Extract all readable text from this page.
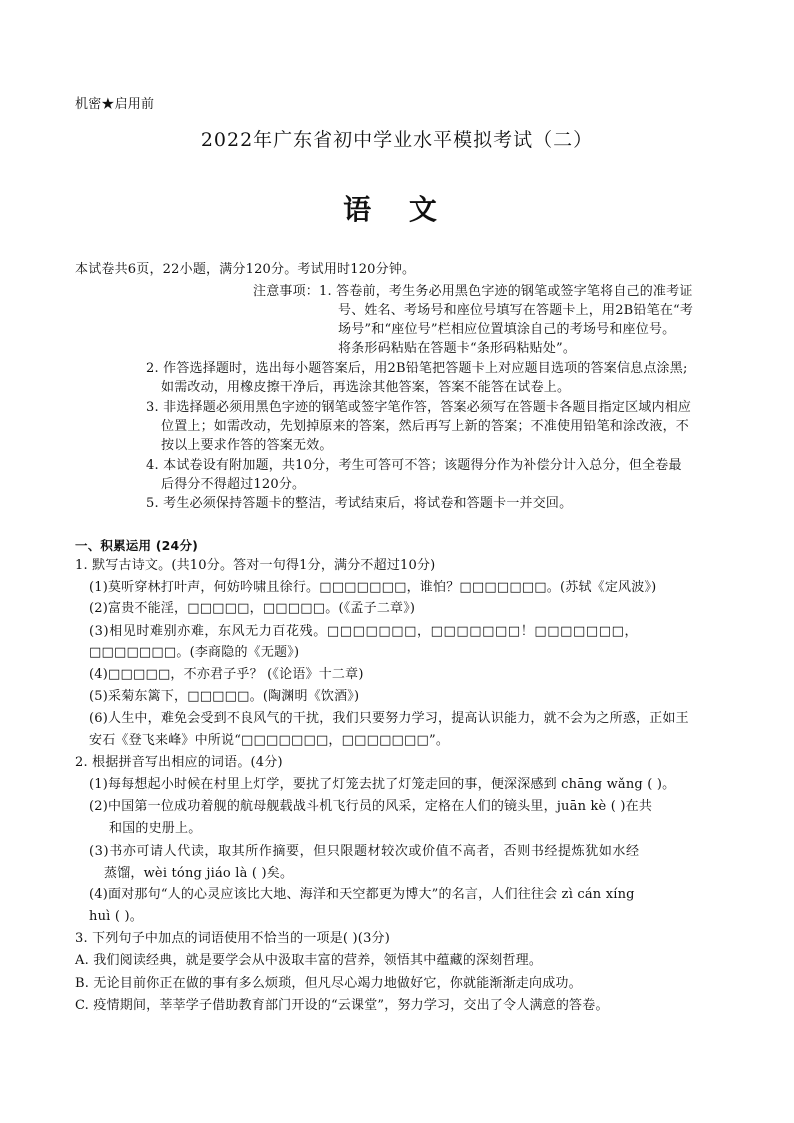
机密★启用前
2022年广东省初中学业水平模拟考试（二）
语 文
本试卷共6页，22小题，满分120分。考试用时120分钟。
注意事项：1. 答卷前，考生务必用黑色字迹的钢笔或签字笔将自己的准考证
号、姓名、考场号和座位号填写在答题卡上，用2B铅笔在“考
场号”和“座位号”栏相应位置填涂自己的考场号和座位号。
将条形码粘贴在答题卡“条形码粘贴处”。
2. 作答选择题时，选出每小题答案后，用2B铅笔把答题卡上对应题目选项的答案信息点涂黑;
如需改动，用橡皮擦干净后，再选涂其他答案，答案不能答在试卷上。
3. 非选择题必须用黑色字迹的钢笔或签字笔作答，答案必须写在答题卡各题目指定区域内相应
位置上；如需改动，先划掉原来的答案，然后再写上新的答案；不准使用铅笔和涂改液，不
按以上要求作答的答案无效。
4. 本试卷设有附加题，共10分，考生可答可不答；该题得分作为补偿分计入总分，但全卷最
后得分不得超过120分。
5. 考生必须保持答题卡的整洁，考试结束后，将试卷和答题卡一并交回。
一、积累运用 (24分)
1. 默写古诗文。(共10分。答对一句得1分，满分不超过10分)
(1)莫听穿林打叶声，何妨吟啸且徐行。□□□□□□□，谁怕？□□□□□□□。(苏轼《定风波》)
(2)富贵不能淫，□□□□□，□□□□□。(《孟子二章》)
(3)相见时难别亦难，东风无力百花残。□□□□□□□，□□□□□□□！□□□□□□□，
□□□□□□□。(李商隐的《无题》)
(4)□□□□□，不亦君子乎？ (《论语》十二章)
(5)采菊东篱下，□□□□□。(陶渊明《饮酒》)
(6)人生中，难免会受到不良风气的干扰，我们只要努力学习，提高认识能力，就不会为之所惑，正如王
安石《登飞来峰》中所说“□□□□□□□，□□□□□□□”。
2. 根据拼音写出相应的词语。(4分)
(1)每每想起小时候在村里上灯学，要扰了灯笼去扰了灯笼走回的事，便深深感到 chāng wǎng ( )。
(2)中国第一位成功着舰的航母舰载战斗机飞行员的风采，定格在人们的镜头里，juān kè ( )在共
和国的史册上。
(3)书亦可请人代读，取其所作摘要，但只限题材较次或价值不高者，否则书经提炼犹如水经
蒸馏，wèi tóng jiáo là ( )矣。
(4)面对那句“人的心灵应该比大地、海洋和天空都更为博大”的名言，人们往往会 zì cán xíng
huì ( )。
3. 下列句子中加点的词语使用不恰当的一项是( )(3分)
A. 我们阅读经典，就是要学会从中汲取丰富的营养，领悟其中蕴藏的深刻哲理。
B. 无论目前你正在做的事有多么烦琐，但凡尽心竭力地做好它，你就能渐渐走向成功。
C. 疫情期间，莘莘学子借助教育部门开设的“云课堂”，努力学习，交出了令人满意的答卷。
